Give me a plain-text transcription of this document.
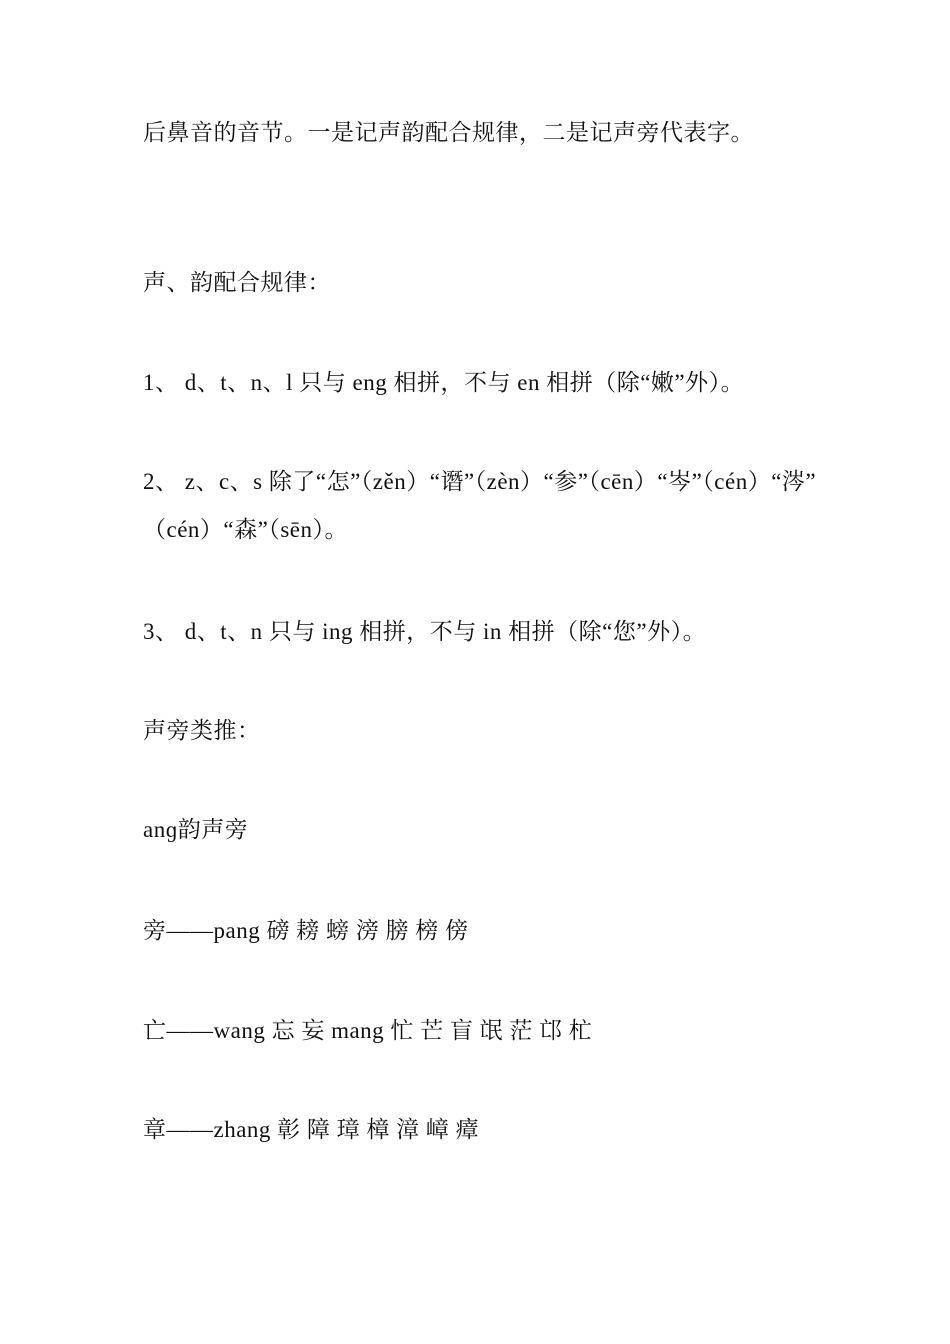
后鼻音的音节。一是记声韵配合规律，二是记声旁代表字。
声、韵配合规律：
1、 d、t、n、l 只与 eng 相拼，不与 en 相拼（除“嫩”外）。
2、 z、c、s 除了“怎”（zěn）“谮”（zèn）“参”（cēn）“岑”（cén）“涔”
（cén）“森”（sēn）。
3、 d、t、n 只与 ing 相拼，不与 in 相拼（除“您”外）。
声旁类推：
anɡ韵声旁
旁——pang 磅 耪 螃 滂 膀 榜 傍
亡——wang 忘 妄 mang 忙 芒 盲 氓 茫 邙 杧
章——zhang 彰 障 璋 樟 漳 嶂 瘴
